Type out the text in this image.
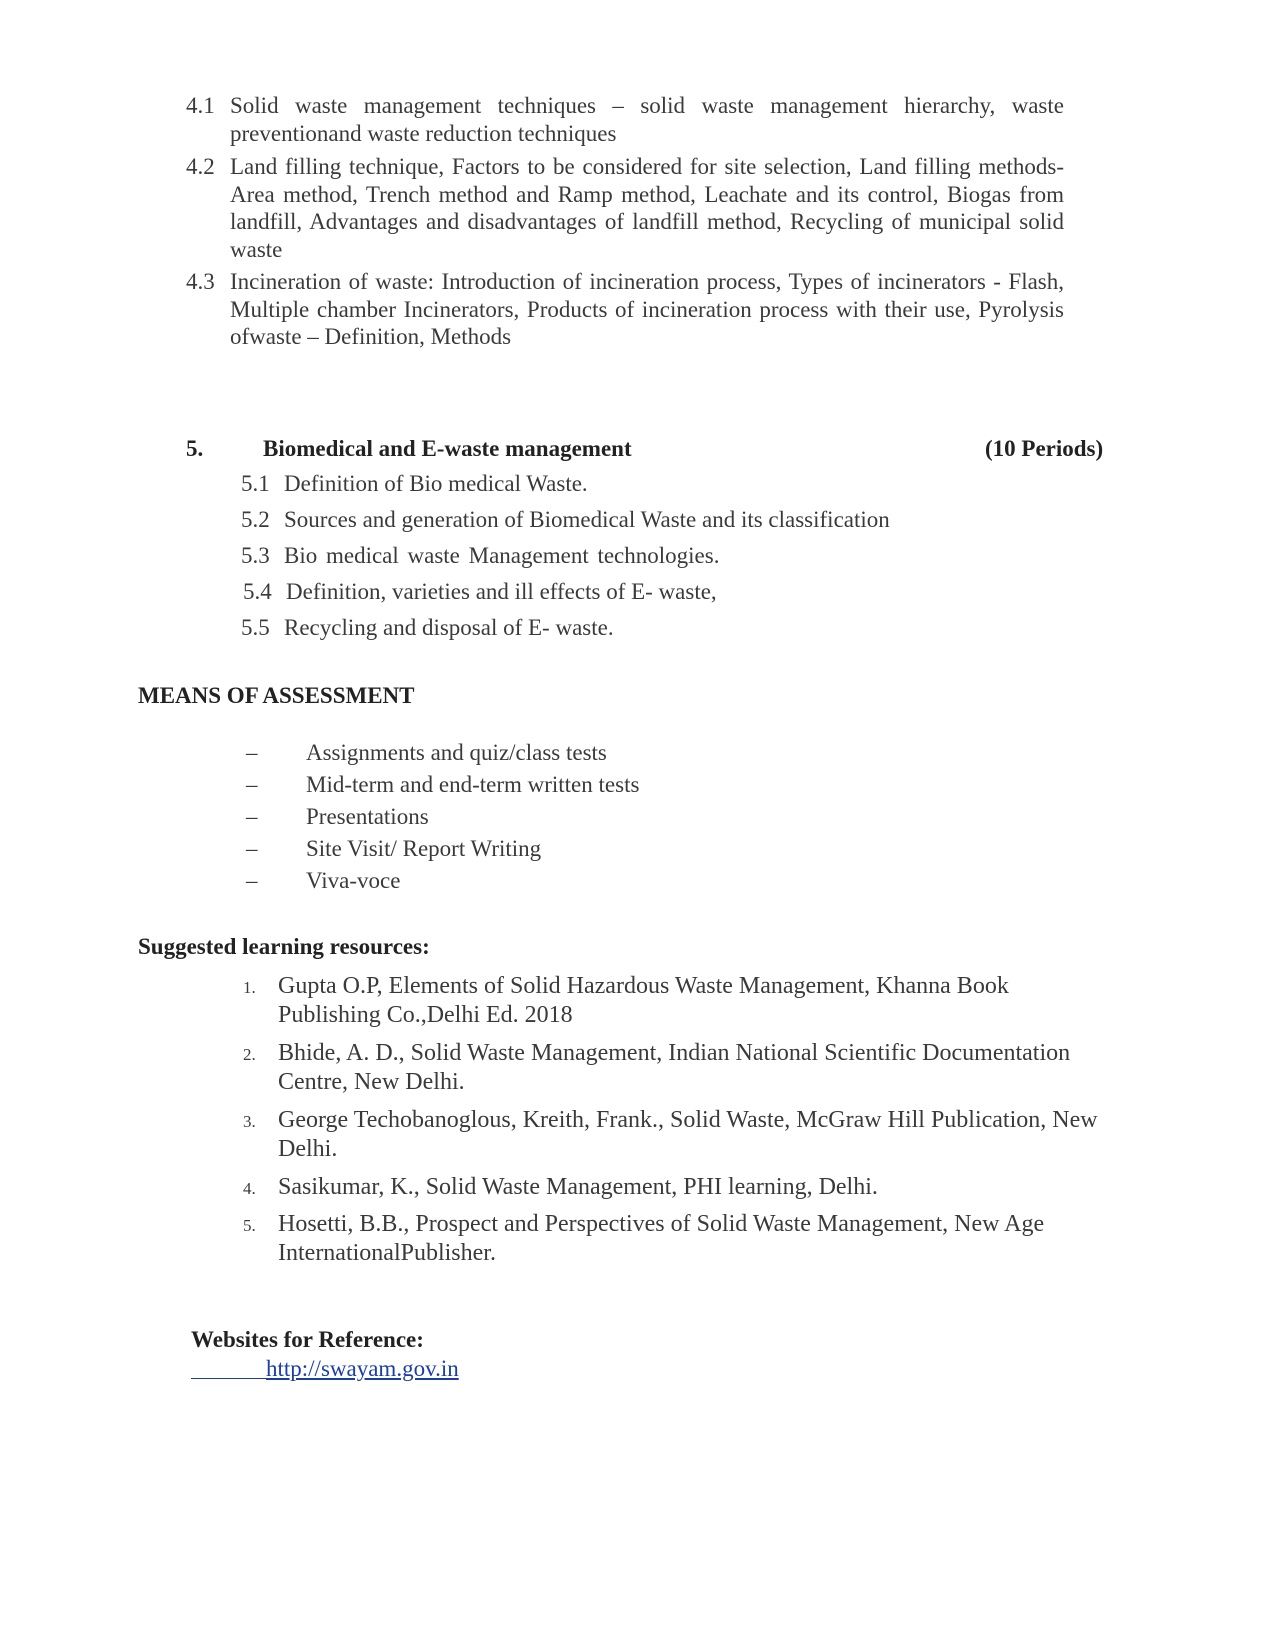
4.1 Solid waste management techniques – solid waste management hierarchy, waste preventionand waste reduction techniques
4.2 Land filling technique, Factors to be considered for site selection, Land filling methods-Area method, Trench method and Ramp method, Leachate and its control, Biogas from landfill, Advantages and disadvantages of landfill method, Recycling of municipal solid waste
4.3 Incineration of waste: Introduction of incineration process, Types of incinerators - Flash, Multiple chamber Incinerators, Products of incineration process with their use, Pyrolysis ofwaste – Definition, Methods
5.	Biomedical and E-waste management	(10 Periods)
5.1 Definition of Bio medical Waste.
5.2 Sources and generation of Biomedical Waste and its classification
5.3 Bio medical waste Management technologies.
5.4 Definition, varieties and ill effects of E- waste,
5.5 Recycling and disposal of E- waste.
MEANS OF ASSESSMENT
– Assignments and quiz/class tests
– Mid-term and end-term written tests
– Presentations
– Site Visit/ Report Writing
– Viva-voce
Suggested learning resources:
1. Gupta O.P, Elements of Solid Hazardous Waste Management, Khanna Book Publishing Co.,Delhi Ed. 2018
2. Bhide, A. D., Solid Waste Management, Indian National Scientific Documentation Centre, New Delhi.
3. George Techobanoglous, Kreith, Frank., Solid Waste, McGraw Hill Publication, New Delhi.
4. Sasikumar, K., Solid Waste Management, PHI learning, Delhi.
5. Hosetti, B.B., Prospect and Perspectives of Solid Waste Management, New Age InternationalPublisher.
Websites for Reference:
http://swayam.gov.in
